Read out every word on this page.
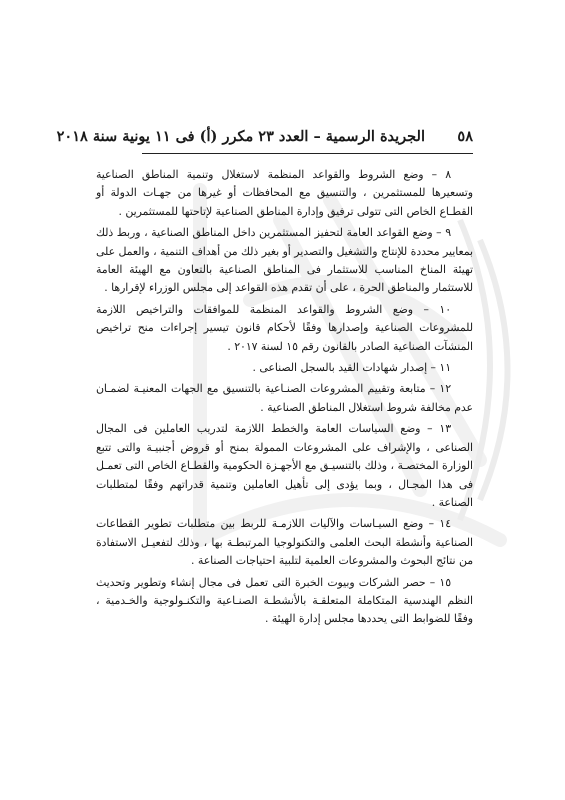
٥٨
الجريدة الرسمية – العدد ٢٣ مكرر (أ) فى ١١ يونية سنة ٢٠١٨

٨ – وضع الشروط والقواعد المنظمة لاستغلال وتنمية المناطق الصناعية وتسعيرها للمستثمرين ، والتنسيق مع المحافظات أو غيرها من جهـات الدولة أو القطـاع الخاص التى تتولى ترفيق وإدارة المناطق الصناعية لإتاحتها للمستثمرين .

٩ – وضع القواعد العامة لتحفيز المستثمرين داخل المناطق الصناعية ، وربط ذلك بمعايير محددة للإنتاج والتشغيل والتصدير أو بغير ذلك من أهداف التنمية ، والعمل على تهيئة المناخ المناسب للاستثمار فى المناطق الصناعية بالتعاون مع الهيئة العامة للاستثمار والمناطق الحرة ، على أن تقدم هذه القواعد إلى مجلس الوزراء لإقرارها .

١٠ – وضع الشروط والقواعد المنظمة للموافقات والتراخيص اللازمة للمشروعات الصناعية وإصدارها وفقًا لأحكام قانون تيسير إجراءات منح تراخيص المنشآت الصناعية الصادر بالقانون رقم ١٥ لسنة ٢٠١٧ .

١١ – إصدار شهادات القيد بالسجل الصناعى .

١٢ – متابعة وتقييم المشروعات الصنـاعية بالتنسيق مع الجهات المعنيـة لضمـان عدم مخالفة شروط استغلال المناطق الصناعية .

١٣ – وضع السياسات العامة والخطط اللازمة لتدريب العاملين فى المجال الصناعى ، والإشراف على المشروعات الممولة بمنح أو قروض أجنبيـة والتى تتبع الوزارة المختصـة ، وذلك بالتنسيـق مع الأجهـزة الحكومية والقطـاع الخاص التى تعمـل فى هذا المجـال ، وبما يؤدى إلى تأهيل العاملين وتنمية قدراتهم وفقًا لمتطلبات الصناعة .

١٤ – وضع السيـاسات والآليات اللازمـة للربط بين متطلبات تطوير القطاعات الصناعية وأنشطة البحث العلمى والتكنولوجيا المرتبطـة بها ، وذلك لتفعيـل الاستفادة من نتائج البحوث والمشروعات العلمية لتلبية احتياجات الصناعة .

١٥ – حصر الشركات وبيوت الخبرة التى تعمل فى مجال إنشاء وتطوير وتحديث النظم الهندسية المتكاملة المتعلقـة بالأنشطـة الصنـاعية والتكنـولوجية والخـدمية ، وفقًا للضوابط التى يحددها مجلس إدارة الهيئة .
